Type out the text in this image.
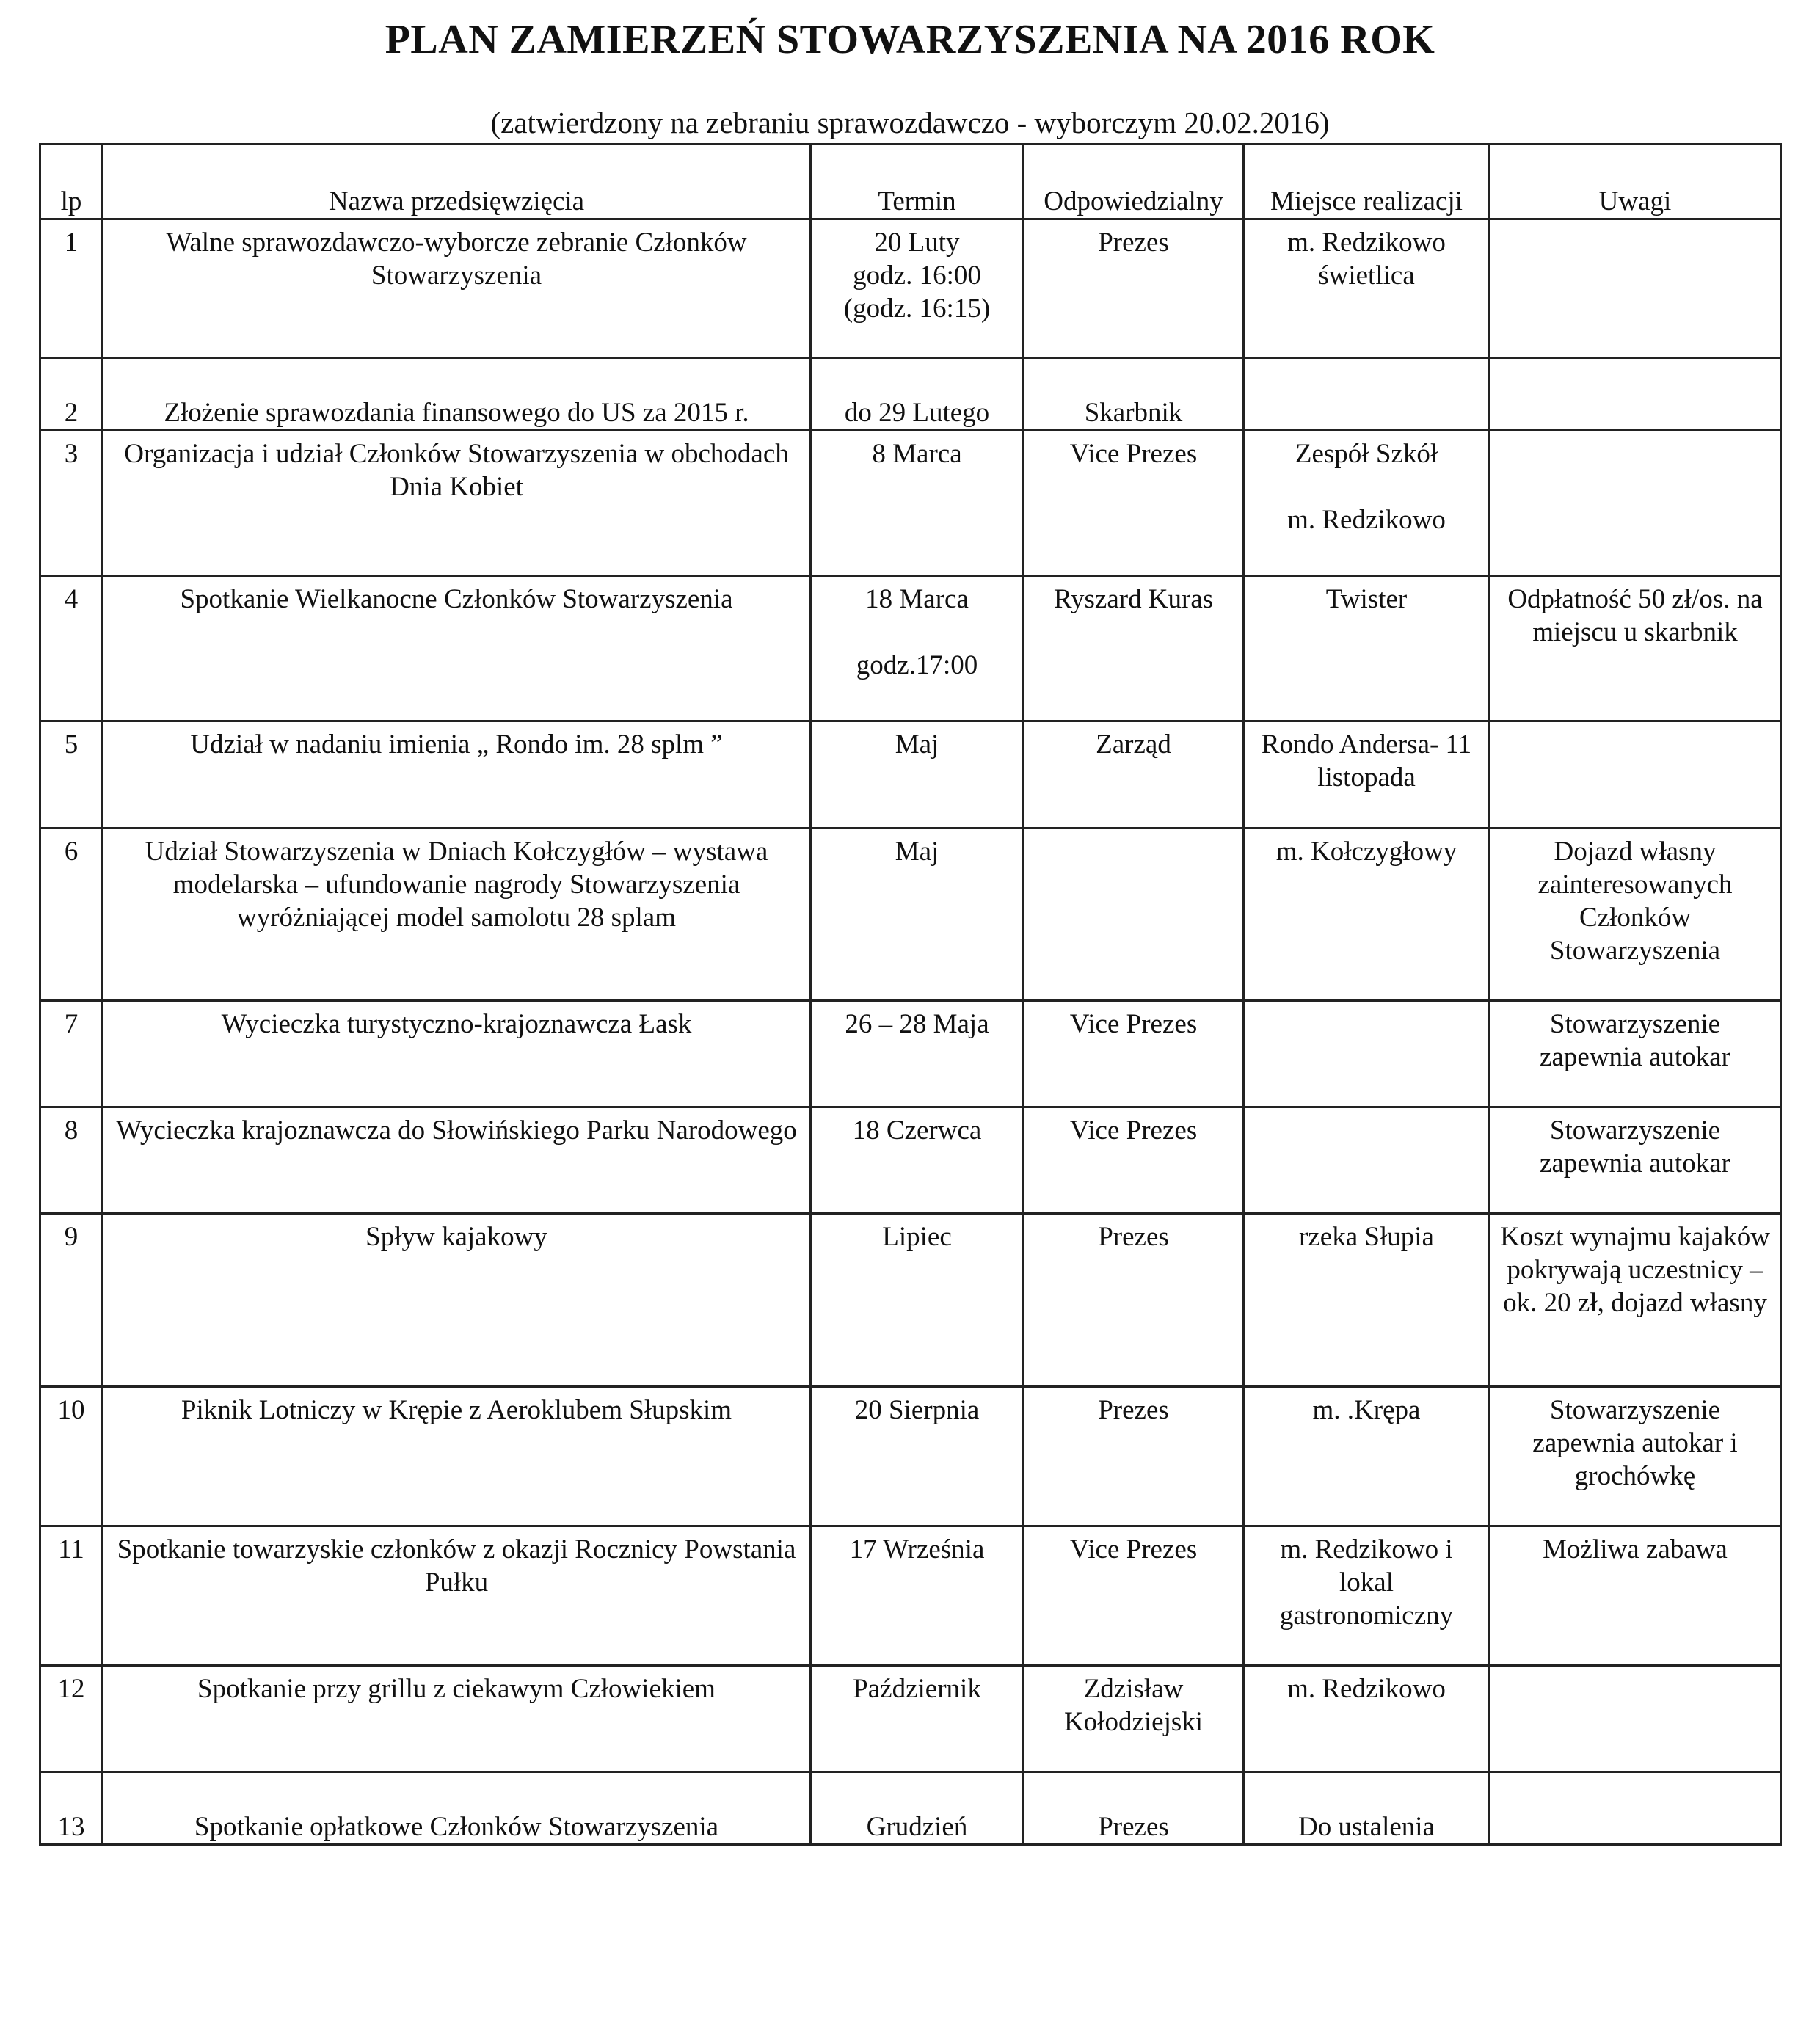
PLAN ZAMIERZEŃ STOWARZYSZENIA NA 2016 ROK

(zatwierdzony na zebraniu sprawozdawczo - wyborczym 20.02.2016)

lp	Nazwa przedsięwzięcia	Termin	Odpowiedzialny	Miejsce realizacji	Uwagi
1	Walne sprawozdawczo-wyborcze zebranie Członków Stowarzyszenia	20 Luty
godz. 16:00
(godz. 16:15)	Prezes	m. Redzikowo
świetlica	

2	Złożenie sprawozdania finansowego do US za 2015 r.	do 29 Lutego	Skarbnik		
3	Organizacja i udział Członków Stowarzyszenia w obchodach Dnia Kobiet	8 Marca	Vice Prezes	Zespół Szkół
m. Redzikowo	

4	Spotkanie Wielkanocne Członków Stowarzyszenia	18 Marca
godz.17:00	Ryszard Kuras	Twister	Odpłatność 50 zł/os. na miejscu u skarbnik
5	Udział w nadaniu imienia „ Rondo im. 28 splm ”	Maj	Zarząd	Rondo Andersa- 11 listopada	
6	Udział Stowarzyszenia w Dniach Kołczygłów – wystawa modelarska – ufundowanie nagrody Stowarzyszenia wyróżniającej model samolotu 28 splam	Maj		m. Kołczygłowy	Dojazd własny zainteresowanych Członków Stowarzyszenia
7	Wycieczka turystyczno-krajoznawcza Łask	26 – 28 Maja	Vice Prezes		Stowarzyszenie zapewnia autokar
8	Wycieczka krajoznawcza do Słowińskiego Parku Narodowego	18 Czerwca	Vice Prezes		Stowarzyszenie zapewnia autokar
9	Spływ kajakowy	Lipiec	Prezes	rzeka Słupia	Koszt wynajmu kajaków pokrywają uczestnicy – ok. 20 zł, dojazd własny
10	Piknik Lotniczy w Krępie z Aeroklubem Słupskim	20 Sierpnia	Prezes	m. .Krępa	Stowarzyszenie zapewnia autokar i grochówkę
11	Spotkanie towarzyskie członków z okazji Rocznicy Powstania Pułku	17 Września	Vice Prezes	m. Redzikowo i lokal gastronomiczny	Możliwa zabawa
12	Spotkanie przy grillu z ciekawym Człowiekiem	Październik	Zdzisław Kołodziejski	m. Redzikowo	
13	Spotkanie opłatkowe Członków Stowarzyszenia	Grudzień	Prezes	Do ustalenia	
